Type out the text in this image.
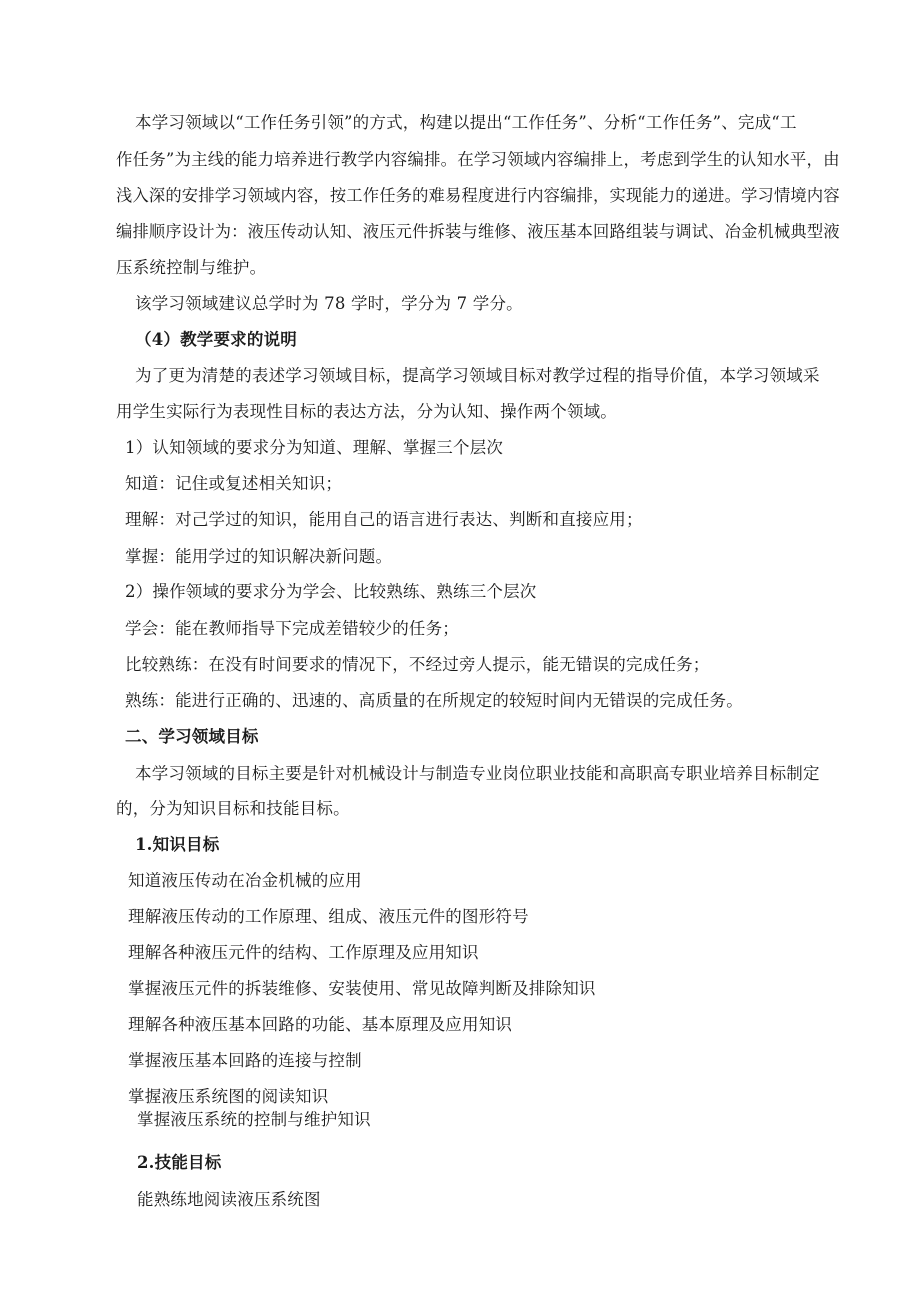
本学习领域以“工作任务引领”的方式，构建以提出“工作任务”、分析“工作任务”、完成“工
作任务”为主线的能力培养进行教学内容编排。在学习领域内容编排上，考虑到学生的认知水平，由
浅入深的安排学习领域内容，按工作任务的难易程度进行内容编排，实现能力的递进。学习情境内容
编排顺序设计为：液压传动认知、液压元件拆装与维修、液压基本回路组装与调试、冶金机械典型液
压系统控制与维护。
该学习领域建议总学时为 78 学时，学分为 7 学分。
（4）教学要求的说明
为了更为清楚的表述学习领域目标，提高学习领域目标对教学过程的指导价值，本学习领域采
用学生实际行为表现性目标的表达方法，分为认知、操作两个领域。
1）认知领域的要求分为知道、理解、掌握三个层次
知道：记住或复述相关知识；
理解：对己学过的知识，能用自己的语言进行表达、判断和直接应用；
掌握：能用学过的知识解决新问题。
2）操作领域的要求分为学会、比较熟练、熟练三个层次
学会：能在教师指导下完成差错较少的任务；
比较熟练：在没有时间要求的情况下，不经过旁人提示，能无错误的完成任务；
熟练：能进行正确的、迅速的、高质量的在所规定的较短时间内无错误的完成任务。
二、学习领域目标
本学习领域的目标主要是针对机械设计与制造专业岗位职业技能和高职高专职业培养目标制定
的，分为知识目标和技能目标。
1.知识目标
知道液压传动在冶金机械的应用
理解液压传动的工作原理、组成、液压元件的图形符号
理解各种液压元件的结构、工作原理及应用知识
掌握液压元件的拆装维修、安装使用、常见故障判断及排除知识
理解各种液压基本回路的功能、基本原理及应用知识
掌握液压基本回路的连接与控制
掌握液压系统图的阅读知识
掌握液压系统的控制与维护知识
2.技能目标
能熟练地阅读液压系统图
